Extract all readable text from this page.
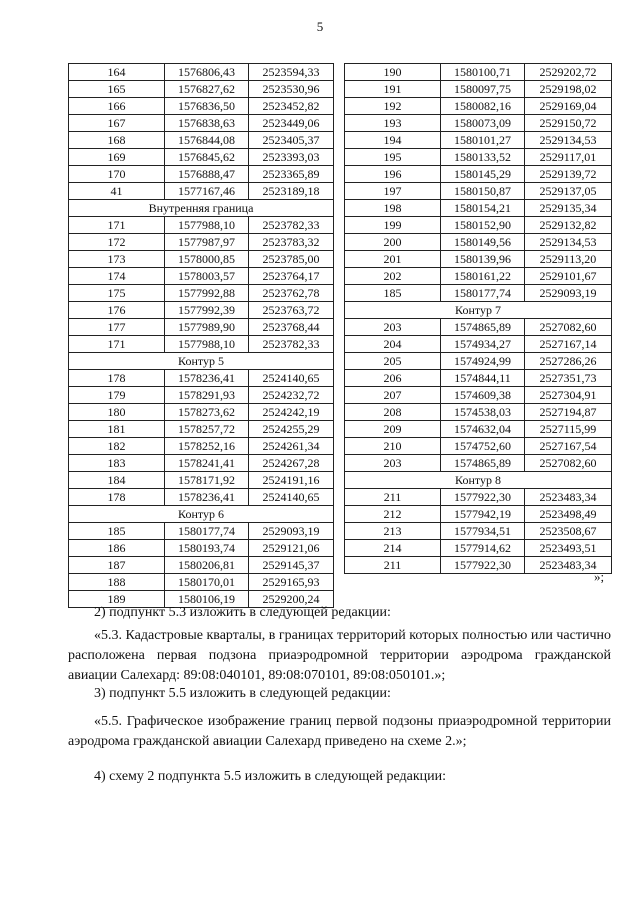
5
164	1576806,43	2523594,33
165	1576827,62	2523530,96
166	1576836,50	2523452,82
167	1576838,63	2523449,06
168	1576844,08	2523405,37
169	1576845,62	2523393,03
170	1576888,47	2523365,89
41	1577167,46	2523189,18
Внутренняя граница		
171	1577988,10	2523782,33
172	1577987,97	2523783,32
173	1578000,85	2523785,00
174	1578003,57	2523764,17
175	1577992,88	2523762,78
176	1577992,39	2523763,72
177	1577989,90	2523768,44
171	1577988,10	2523782,33
Контур 5		
178	1578236,41	2524140,65
179	1578291,93	2524232,72
180	1578273,62	2524242,19
181	1578257,72	2524255,29
182	1578252,16	2524261,34
183	1578241,41	2524267,28
184	1578171,92	2524191,16
178	1578236,41	2524140,65
Контур 6		
185	1580177,74	2529093,19
186	1580193,74	2529121,06
187	1580206,81	2529145,37
188	1580170,01	2529165,93
189	1580106,19	2529200,24
190	1580100,71	2529202,72
191	1580097,75	2529198,02
192	1580082,16	2529169,04
193	1580073,09	2529150,72
194	1580101,27	2529134,53
195	1580133,52	2529117,01
196	1580145,29	2529139,72
197	1580150,87	2529137,05
198	1580154,21	2529135,34
199	1580152,90	2529132,82
200	1580149,56	2529134,53
201	1580139,96	2529113,20
202	1580161,22	2529101,67
185	1580177,74	2529093,19
Контур 7		
203	1574865,89	2527082,60
204	1574934,27	2527167,14
205	1574924,99	2527286,26
206	1574844,11	2527351,73
207	1574609,38	2527304,91
208	1574538,03	2527194,87
209	1574632,04	2527115,99
210	1574752,60	2527167,54
203	1574865,89	2527082,60
Контур 8		
211	1577922,30	2523483,34
212	1577942,19	2523498,49
213	1577934,51	2523508,67
214	1577914,62	2523493,51
211	1577922,30	2523483,34
»;
2) подпункт 5.3 изложить в следующей редакции:
«5.3. Кадастровые кварталы, в границах территорий которых полностью или частично расположена первая подзона приаэродромной территории аэродрома гражданской авиации Салехард: 89:08:040101, 89:08:070101, 89:08:050101.»;
3) подпункт 5.5 изложить в следующей редакции:
«5.5. Графическое изображение границ первой подзоны приаэродромной территории аэродрома гражданской авиации Салехард приведено на схеме 2.»;
4) схему 2 подпункта 5.5 изложить в следующей редакции:
